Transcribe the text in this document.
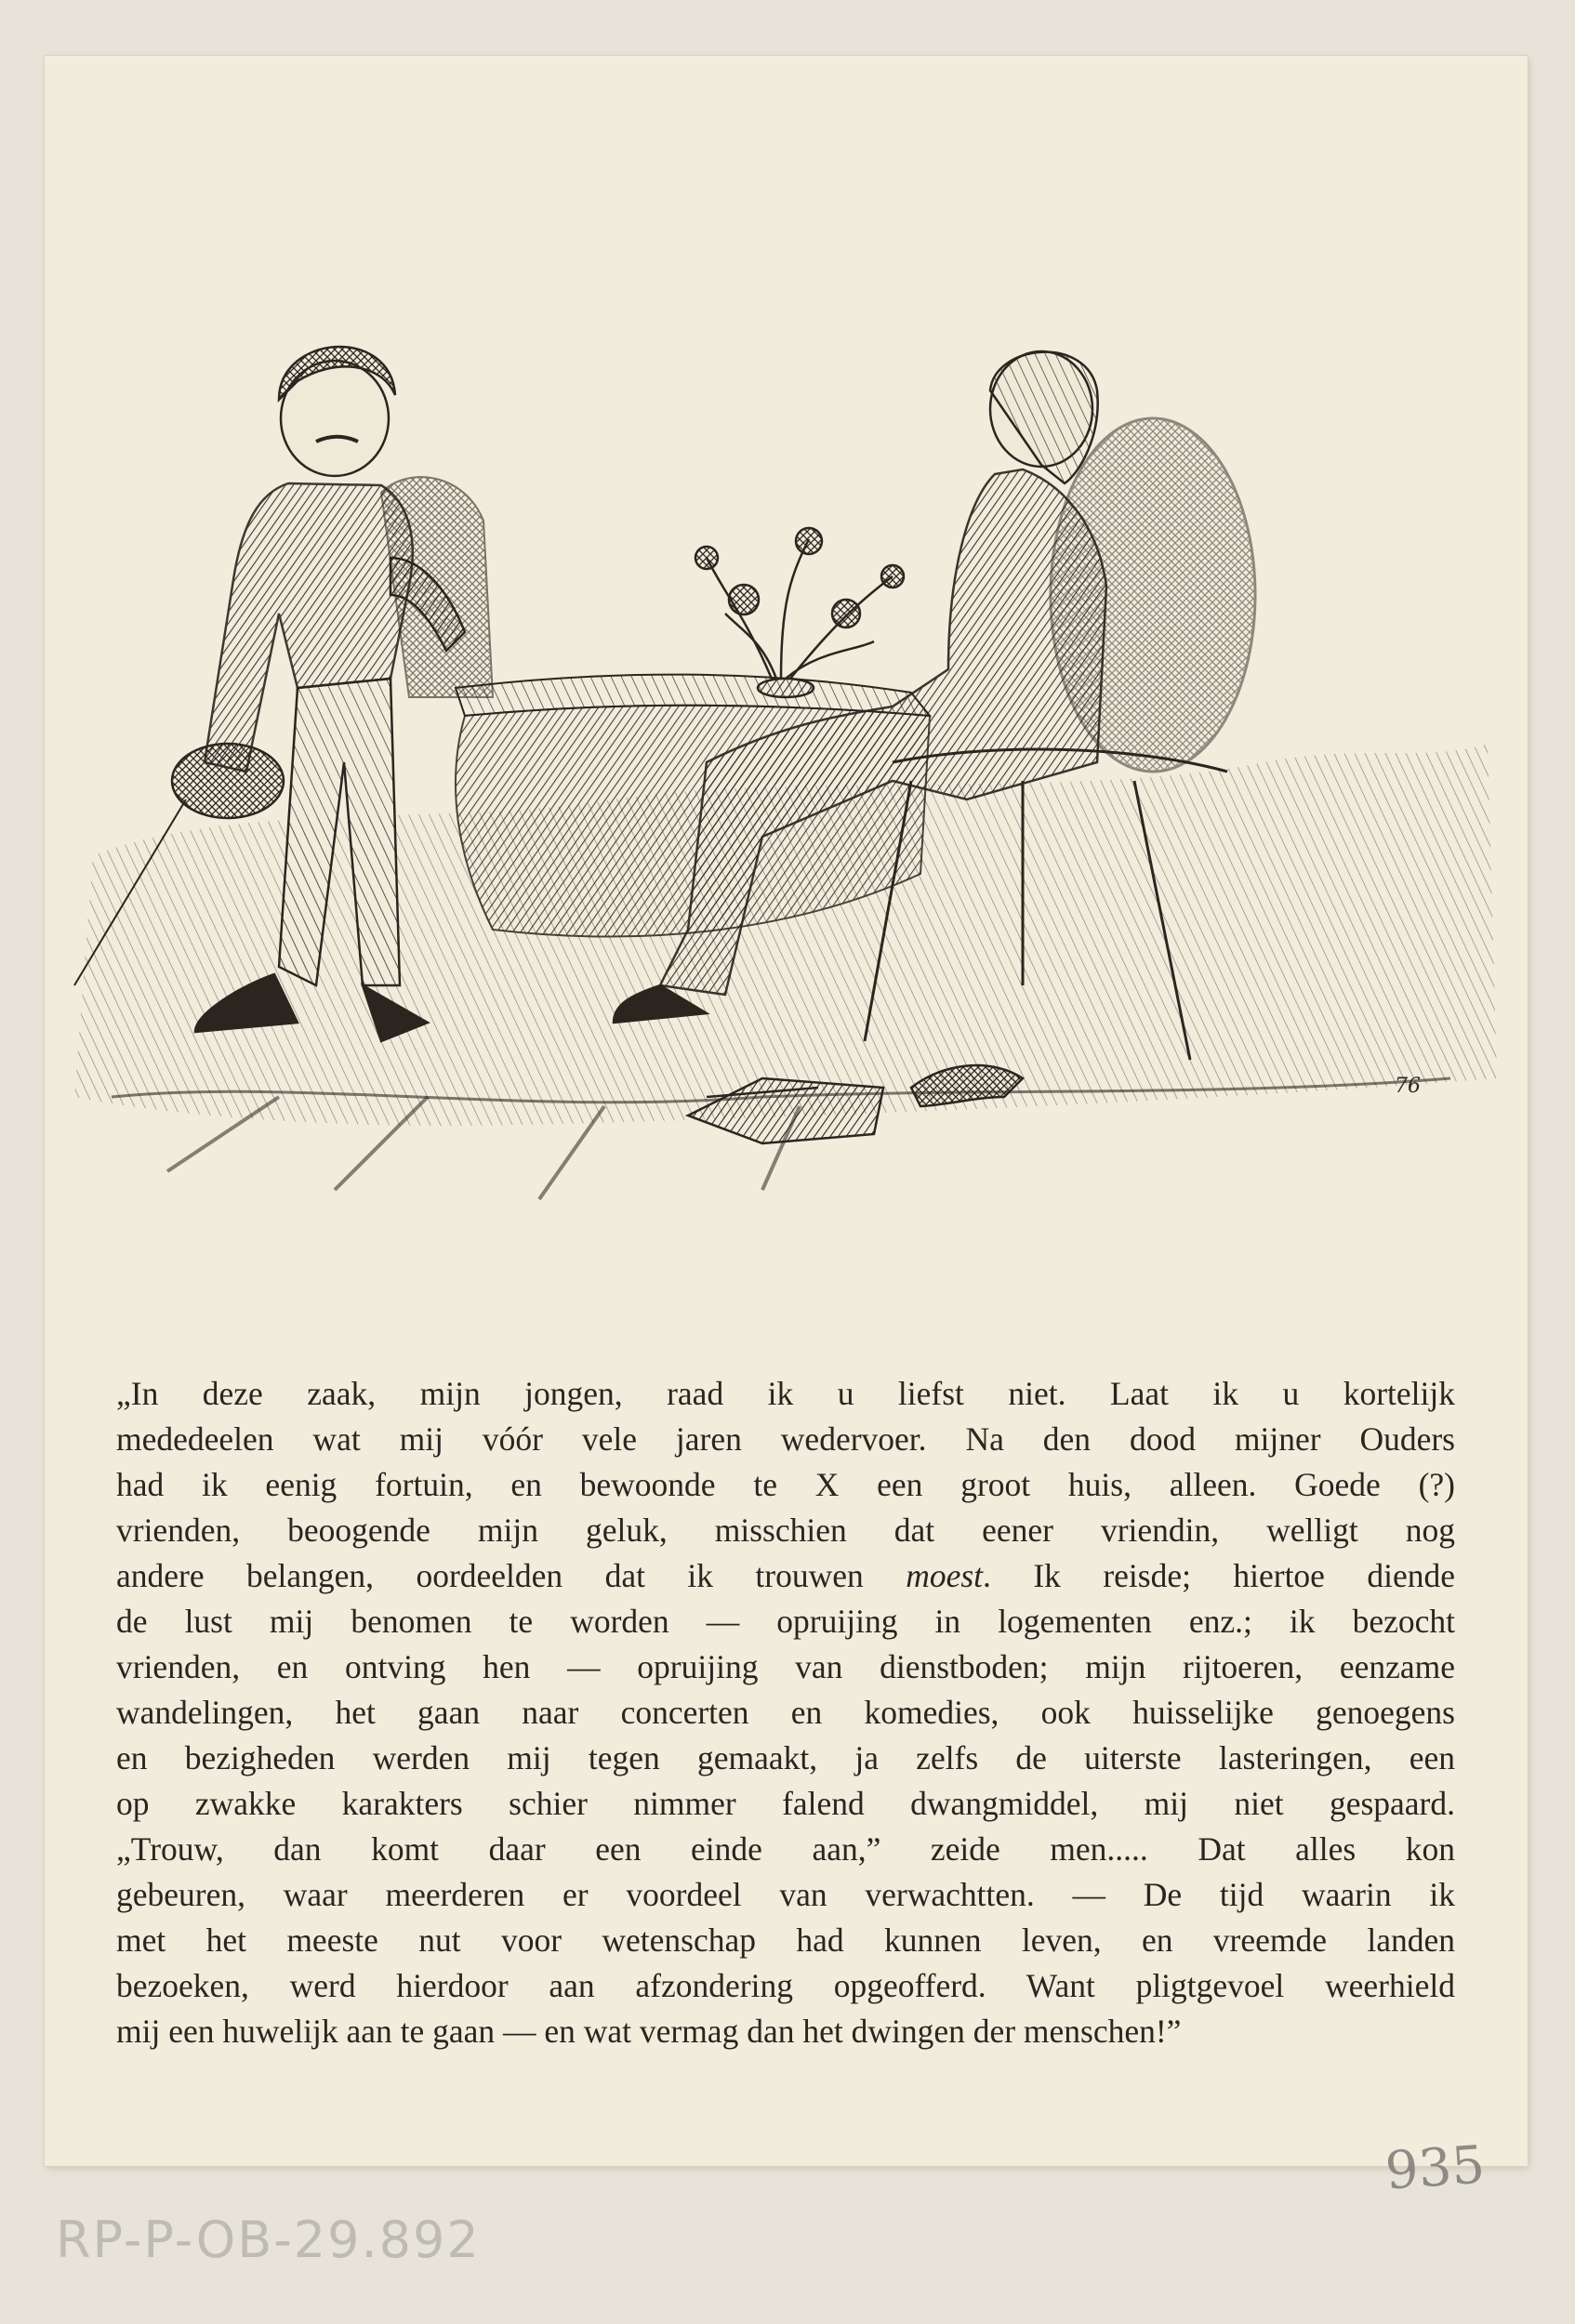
76
„In deze zaak, mijn jongen, raad ik u liefst niet. Laat ik u kortelijk
mededeelen wat mij vóór vele jaren wedervoer. Na den dood mijner Ouders
had ik eenig fortuin, en bewoonde te X een groot huis, alleen. Goede (?)
vrienden, beoogende mijn geluk, misschien dat eener vriendin, welligt nog
andere belangen, oordeelden dat ik trouwen moest. Ik reisde; hiertoe diende
de lust mij benomen te worden — opruijing in logementen enz.; ik bezocht
vrienden, en ontving hen — opruijing van dienstboden; mijn rijtoeren, eenzame
wandelingen, het gaan naar concerten en komedies, ook huisselijke genoegens
en bezigheden werden mij tegen gemaakt, ja zelfs de uiterste lasteringen, een
op zwakke karakters schier nimmer falend dwangmiddel, mij niet gespaard.
„Trouw, dan komt daar een einde aan,” zeide men..... Dat alles kon
gebeuren, waar meerderen er voordeel van verwachtten. — De tijd waarin ik
met het meeste nut voor wetenschap had kunnen leven, en vreemde landen
bezoeken, werd hierdoor aan afzondering opgeofferd. Want pligtgevoel weerhield
mij een huwelijk aan te gaan — en wat vermag dan het dwingen der menschen!”
935
RP-P-OB-29.892
